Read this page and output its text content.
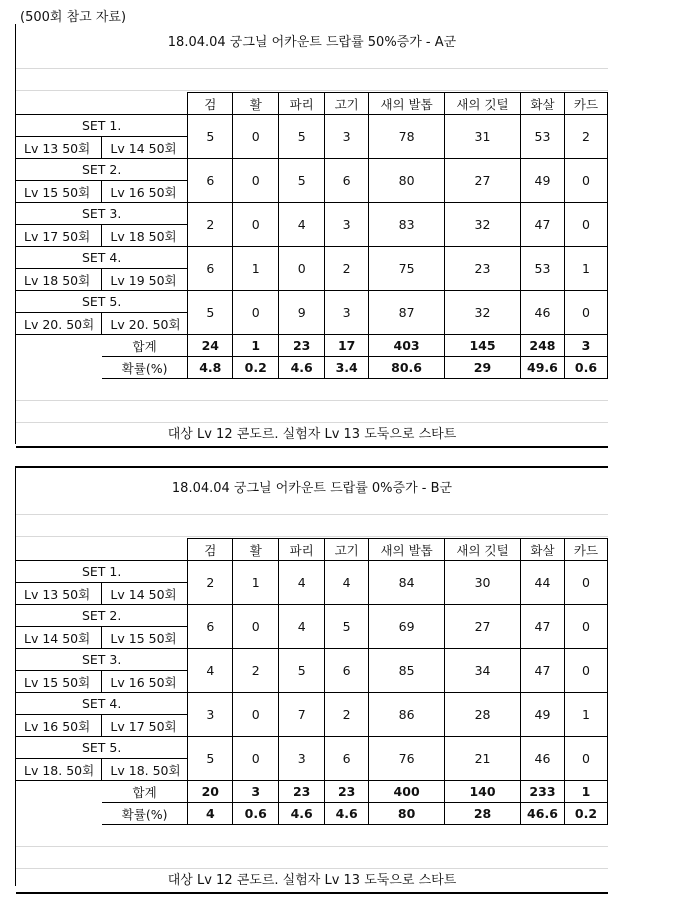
(500회 참고 자료)
18.04.04 궁그닐 어카운트 드랍률 50%증가 - A군
		검	활	파리	고기	새의 발톱	새의 깃털	화살	카드
SET 1.		5	0	5	3	78	31	53	2
Lv 13 50회	Lv 14 50회								
SET 2.		6	0	5	6	80	27	49	0
Lv 15 50회	Lv 16 50회								
SET 3.		2	0	4	3	83	32	47	0
Lv 17 50회	Lv 18 50회								
SET 4.		6	1	0	2	75	23	53	1
Lv 18 50회	Lv 19 50회								
SET 5.		5	0	9	3	87	32	46	0
Lv 20. 50회	Lv 20. 50회								
	합계	24	1	23	17	403	145	248	3
	확률(%)	4.8	0.2	4.6	3.4	80.6	29	49.6	0.6
대상 Lv 12 콘도르. 실험자 Lv 13 도둑으로 스타트
18.04.04 궁그닐 어카운트 드랍률 0%증가 - B군
		검	활	파리	고기	새의 발톱	새의 깃털	화살	카드
SET 1.		2	1	4	4	84	30	44	0
Lv 13 50회	Lv 14 50회								
SET 2.		6	0	4	5	69	27	47	0
Lv 14 50회	Lv 15 50회								
SET 3.		4	2	5	6	85	34	47	0
Lv 15 50회	Lv 16 50회								
SET 4.		3	0	7	2	86	28	49	1
Lv 16 50회	Lv 17 50회								
SET 5.		5	0	3	6	76	21	46	0
Lv 18. 50회	Lv 18. 50회								
	합계	20	3	23	23	400	140	233	1
	확률(%)	4	0.6	4.6	4.6	80	28	46.6	0.2
대상 Lv 12 콘도르. 실험자 Lv 13 도둑으로 스타트
